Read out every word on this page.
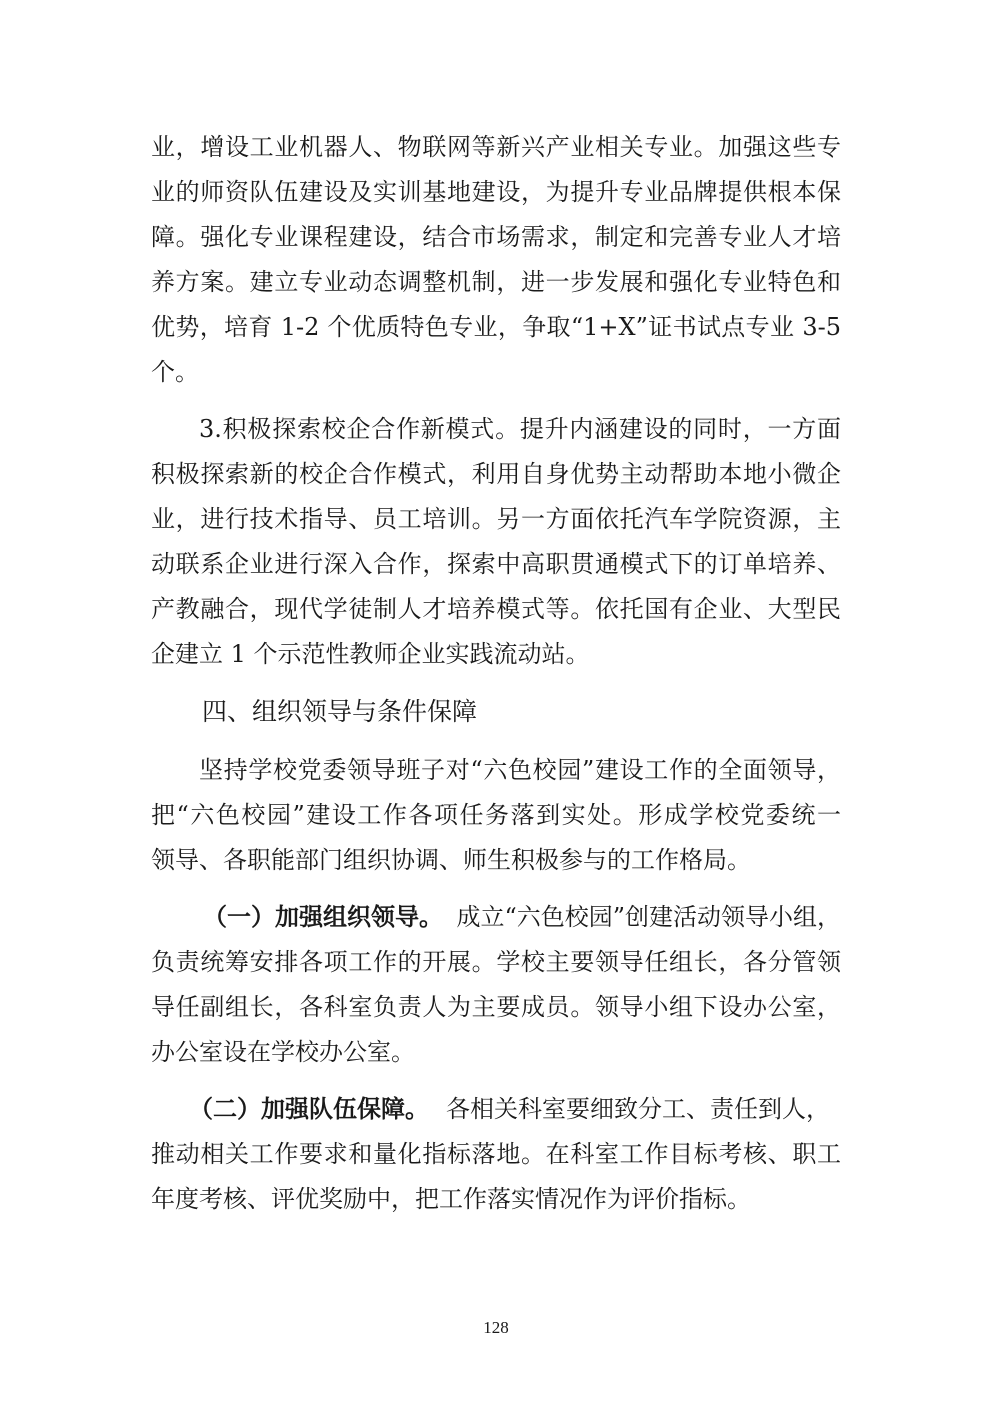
业，增设工业机器人、物联网等新兴产业相关专业。加强这些专
业的师资队伍建设及实训基地建设，为提升专业品牌提供根本保
障。强化专业课程建设，结合市场需求，制定和完善专业人才培
养方案。建立专业动态调整机制，进一步发展和强化专业特色和
优势，培育 1-2 个优质特色专业，争取“1+X”证书试点专业 3-5
个。
3.积极探索校企合作新模式。提升内涵建设的同时，一方面
积极探索新的校企合作模式，利用自身优势主动帮助本地小微企
业，进行技术指导、员工培训。另一方面依托汽车学院资源，主
动联系企业进行深入合作，探索中高职贯通模式下的订单培养、
产教融合，现代学徒制人才培养模式等。依托国有企业、大型民
企建立 1 个示范性教师企业实践流动站。
四、组织领导与条件保障
坚持学校党委领导班子对“六色校园”建设工作的全面领导，
把“六色校园”建设工作各项任务落到实处。形成学校党委统一
领导、各职能部门组织协调、师生积极参与的工作格局。
（一）加强组织领导。 成立“六色校园”创建活动领导小组，
负责统筹安排各项工作的开展。学校主要领导任组长，各分管领
导任副组长，各科室负责人为主要成员。领导小组下设办公室，
办公室设在学校办公室。
（二）加强队伍保障。 各相关科室要细致分工、责任到人，
推动相关工作要求和量化指标落地。在科室工作目标考核、职工
年度考核、评优奖励中，把工作落实情况作为评价指标。
128
